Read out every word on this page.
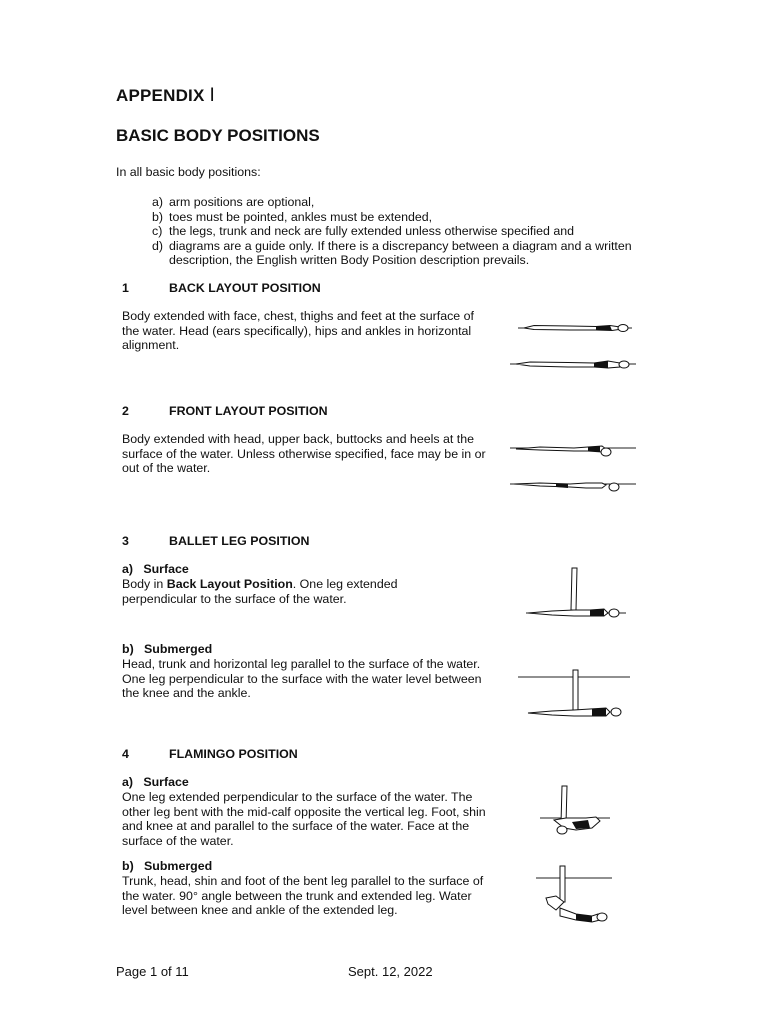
APPENDIX I
BASIC BODY POSITIONS
In all basic body positions:
a) arm positions are optional,
b) toes must be pointed, ankles must be extended,
c) the legs, trunk and neck are fully extended unless otherwise specified and
d) diagrams are a guide only. If there is a discrepancy between a diagram and a written description, the English written Body Position description prevails.
1	BACK LAYOUT POSITION
Body extended with face, chest, thighs and feet at the surface of the water. Head (ears specifically), hips and ankles in horizontal alignment.
2	FRONT LAYOUT POSITION
Body extended with head, upper back, buttocks and heels at the surface of the water. Unless otherwise specified, face may be in or out of the water.
3	BALLET LEG POSITION
a)   Surface
Body in Back Layout Position. One leg extended perpendicular to the surface of the water.
b)   Submerged
Head, trunk and horizontal leg parallel to the surface of the water. One leg perpendicular to the surface with the water level between the knee and the ankle.
4	FLAMINGO POSITION
a)   Surface
One leg extended perpendicular to the surface of the water. The other leg bent with the mid-calf opposite the vertical leg. Foot, shin and knee at and parallel to the surface of the water. Face at the surface of the water.
b)   Submerged
Trunk, head, shin and foot of the bent leg parallel to the surface of the water. 90° angle between the trunk and extended leg. Water level between knee and ankle of the extended leg.
Page 1 of 11	Sept. 12, 2022
